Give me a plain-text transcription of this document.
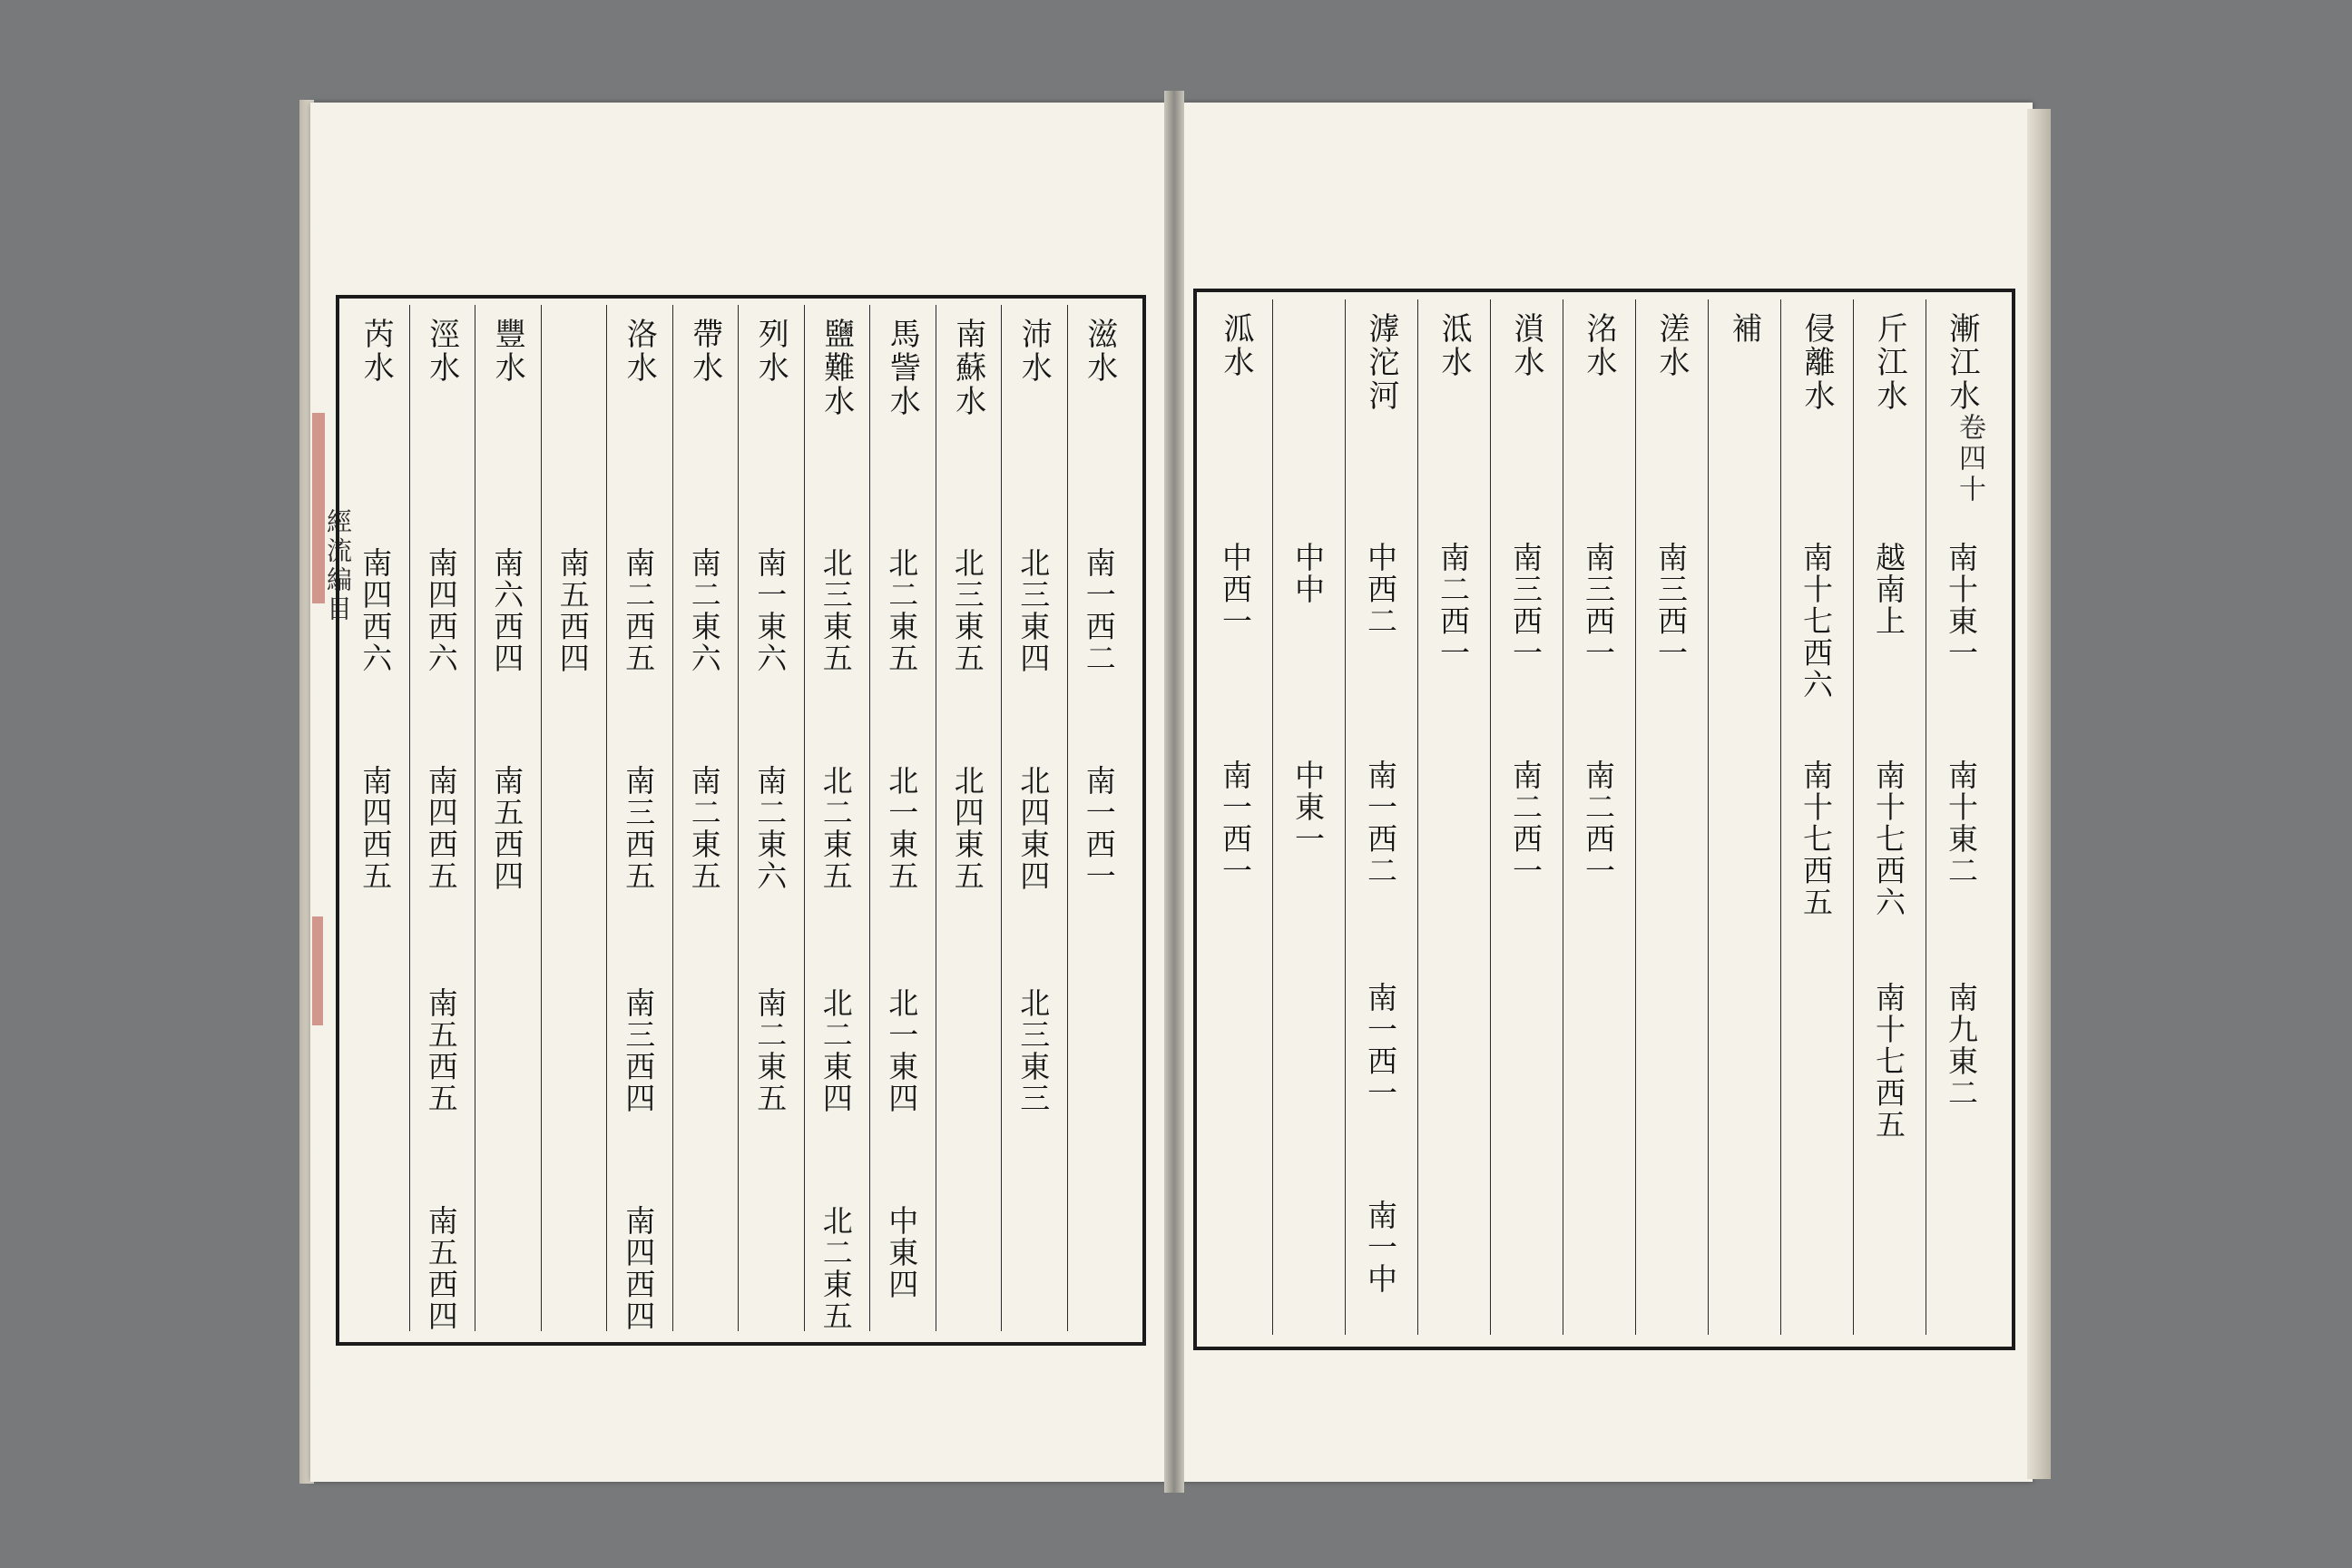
經流編目
卷四十
滋水
南一西二
南一西一
沛水
北三東四
北四東四
北三東三
南蘇水
北三東五
北四東五
馬訾水
北二東五
北一東五
北一東四
中東四
鹽難水
北三東五
北二東五
北二東四
北二東五
列水
南一東六
南二東六
南二東五
帶水
南二東六
南二東五
洛水
南二西五
南三西五
南三西四
南四西四
南五西四
豐水
南六西四
南五西四
涇水
南四西六
南四西五
南五西五
南五西四
芮水
南四西六
南四西五
漸江水
南十東一
南十東二
南九東二
斤江水
越南上
南十七西六
南十七西五
侵離水
南十七西六
南十七西五
補
溠水
南三西一
洺水
南三西一
南二西一
溑水
南三西一
南二西一
泜水
南二西一
滹沱河
中西二
南一西二
南一西一
南一中
中中
中東一
泒水
中西一
南一西一
